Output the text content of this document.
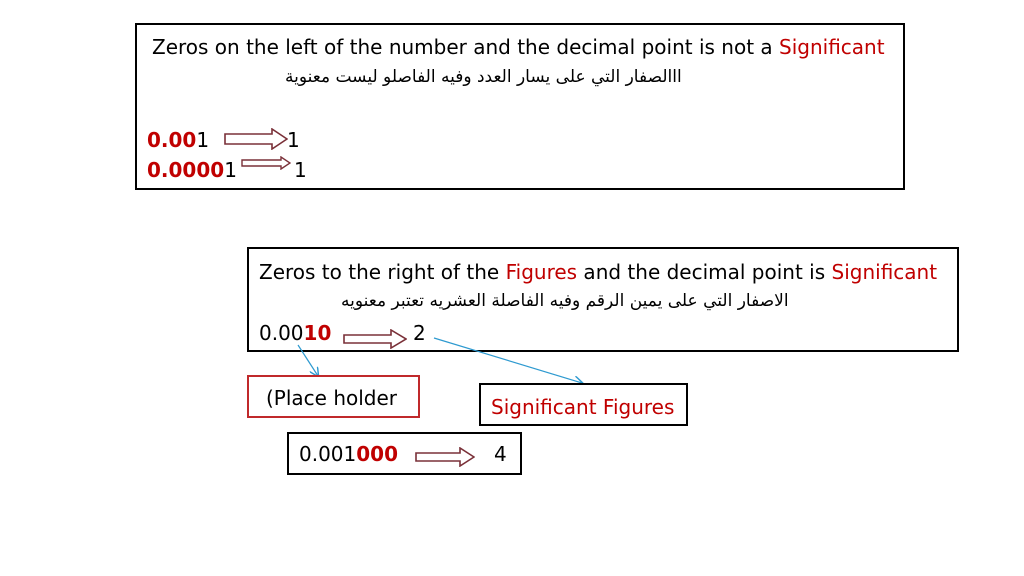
Zeros on the left of the number and the decimal point is not a Significant
ااالصفار التي على يسار العدد وفيه الفاصلو ليست معنوية
0.001	1
0.00001	1
Zeros to the right of the Figures and the decimal point is Significant
الاصفار التي على يمين الرقم وفيه الفاصلة العشريه تعتبر معنويه
0.0010	2
(Place holder	Significant Figures
0.001000	4
